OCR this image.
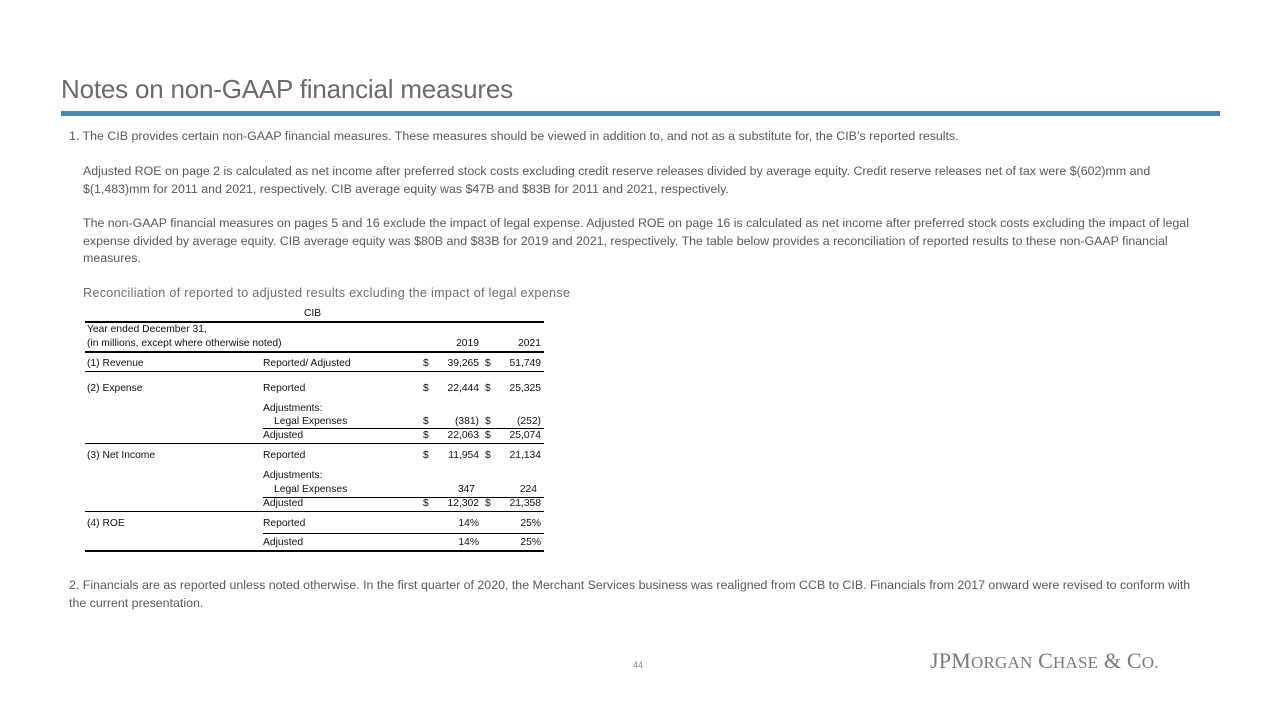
Notes on non-GAAP financial measures
1. The CIB provides certain non-GAAP financial measures. These measures should be viewed in addition to, and not as a substitute for, the CIB’s reported results.
Adjusted ROE on page 2 is calculated as net income after preferred stock costs excluding credit reserve releases divided by average equity. Credit reserve releases net of tax were $(602)mm and $(1,483)mm for 2011 and 2021, respectively. CIB average equity was $47B and $83B for 2011 and 2021, respectively.
The non-GAAP financial measures on pages 5 and 16 exclude the impact of legal expense. Adjusted ROE on page 16 is calculated as net income after preferred stock costs excluding the impact of legal expense divided by average equity. CIB average equity was $80B and $83B for 2019 and 2021, respectively. The table below provides a reconciliation of reported results to these non-GAAP financial measures.
Reconciliation of reported to adjusted results excluding the impact of legal expense
CIB
Year ended December 31,
(in millions, except where otherwise noted)	2019	2021
(1) Revenue	Reported/ Adjusted	$	39,265 $	51,749
(2) Expense	Reported	$	22,444 $	25,325
Adjustments:
Legal Expenses	$	(381) $	(252)
Adjusted	$	22,063 $	25,074
(3) Net Income	Reported	$	11,954 $	21,134
Adjustments:
Legal Expenses	347	224
Adjusted	$	12,302 $	21,358
(4) ROE	Reported	14%	25%
Adjusted	14%	25%
2. Financials are as reported unless noted otherwise. In the first quarter of 2020, the Merchant Services business was realigned from CCB to CIB. Financials from 2017 onward were revised to conform with the current presentation.
44	JPMORGAN CHASE & CO.
